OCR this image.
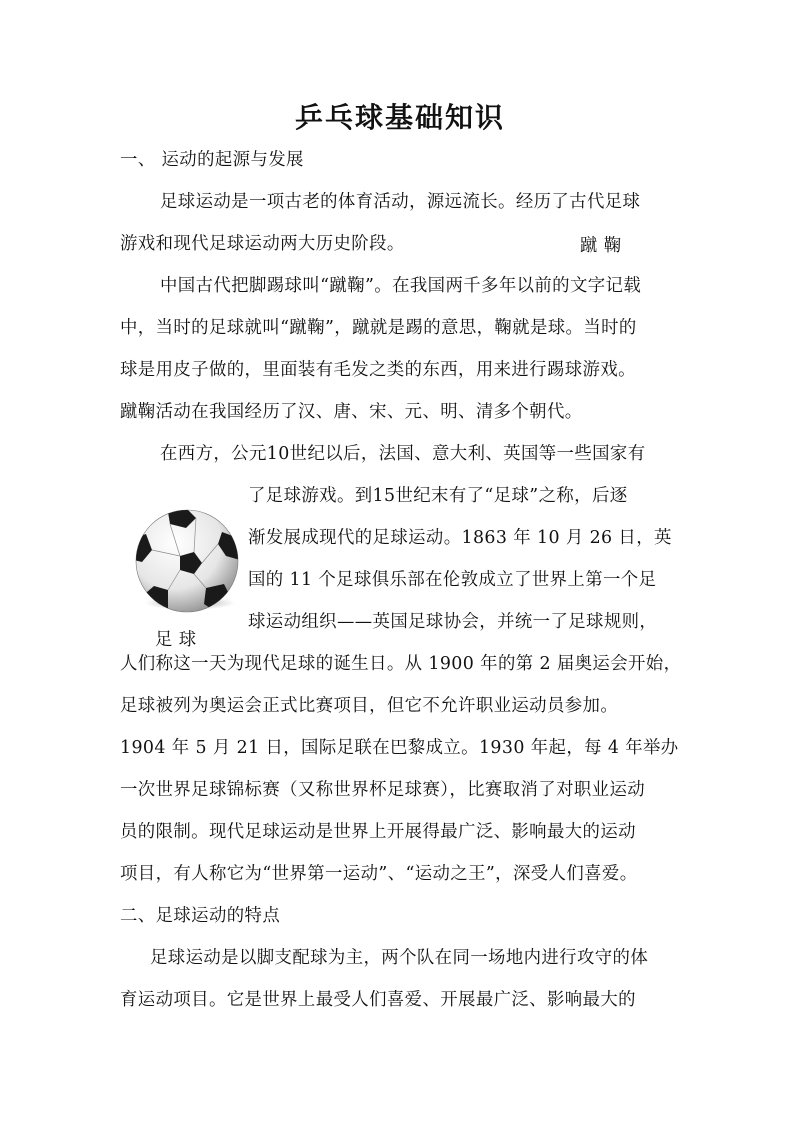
乒乓球基础知识
一、 运动的起源与发展
足球运动是一项古老的体育活动，源远流长。经历了古代足球
游戏和现代足球运动两大历史阶段。	蹴 鞠
中国古代把脚踢球叫“蹴鞠”。在我国两千多年以前的文字记载
中，当时的足球就叫“蹴鞠”，蹴就是踢的意思，鞠就是球。当时的
球是用皮子做的，里面装有毛发之类的东西，用来进行踢球游戏。
蹴鞠活动在我国经历了汉、唐、宋、元、明、清多个朝代。
在西方，公元10世纪以后，法国、意大利、英国等一些国家有
了足球游戏。到15世纪末有了“足球”之称，后逐
渐发展成现代的足球运动。1863 年 10 月 26 日，英
国的 11 个足球俱乐部在伦敦成立了世界上第一个足
球运动组织——英国足球协会，并统一了足球规则，
足 球
人们称这一天为现代足球的诞生日。从 1900 年的第 2 届奥运会开始，
足球被列为奥运会正式比赛项目，但它不允许职业运动员参加。
1904 年 5 月 21 日，国际足联在巴黎成立。1930 年起，每 4 年举办
一次世界足球锦标赛（又称世界杯足球赛），比赛取消了对职业运动
员的限制。现代足球运动是世界上开展得最广泛、影响最大的运动
项目，有人称它为“世界第一运动”、“运动之王”，深受人们喜爱。
二、足球运动的特点
足球运动是以脚支配球为主，两个队在同一场地内进行攻守的体
育运动项目。它是世界上最受人们喜爱、开展最广泛、影响最大的
